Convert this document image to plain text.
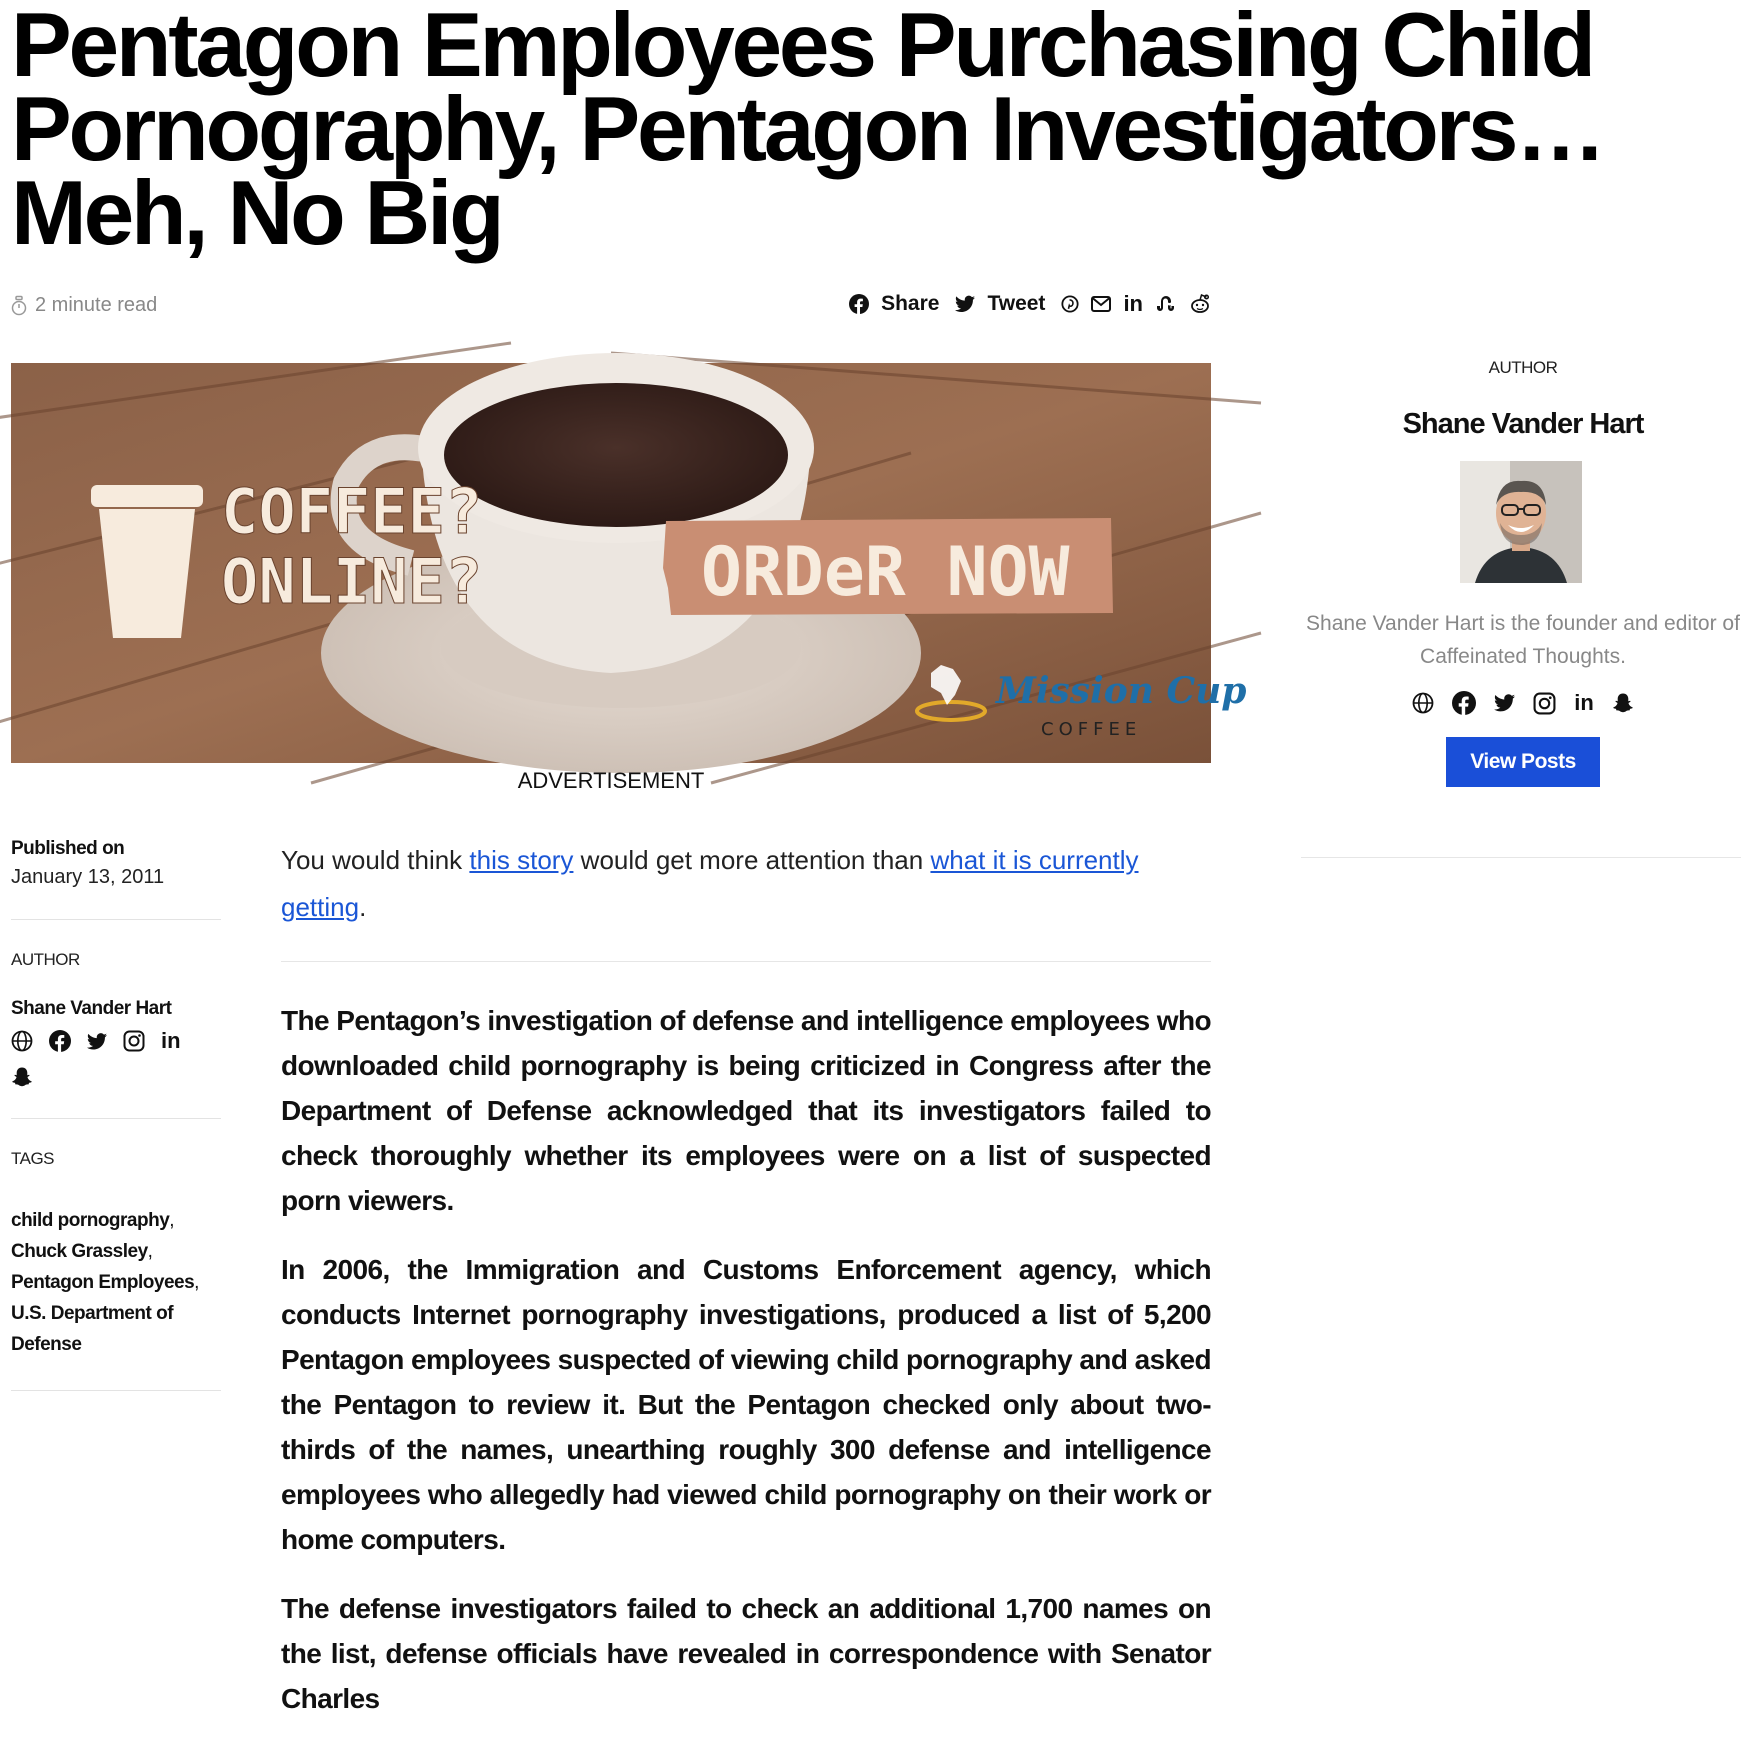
Pentagon Employees Purchasing Child Pornography, Pentagon Investigators… Meh, No Big
2 minute read	Share Tweet	in
COFFEE?
ONLINE?	ORDeR NOW
Mission Cup
COFFEE
ADVERTISEMENT
Published on
January 13, 2011
AUTHOR
Shane Vander Hart
in
TAGS
child pornography,
Chuck Grassley,
Pentagon Employees,
U.S. Department of Defense

You would think this story would get more attention than what it is currently getting.

The Pentagon’s investigation of defense and intelligence employees who downloaded child pornography is being criticized in Congress after the Department of Defense acknowledged that its investigators failed to check thoroughly whether its employees were on a list of suspected porn viewers.

In 2006, the Immigration and Customs Enforcement agency, which conducts Internet pornography investigations, produced a list of 5,200 Pentagon employees suspected of viewing child pornography and asked the Pentagon to review it. But the Pentagon checked only about two-thirds of the names, unearthing roughly 300 defense and intelligence employees who allegedly had viewed child pornography on their work or home computers.

The defense investigators failed to check an additional 1,700 names on the list, defense officials have revealed in correspondence with Senator Charles

AUTHOR
Shane Vander Hart

Shane Vander Hart is the founder and editor of Caffeinated Thoughts.

in
View Posts
